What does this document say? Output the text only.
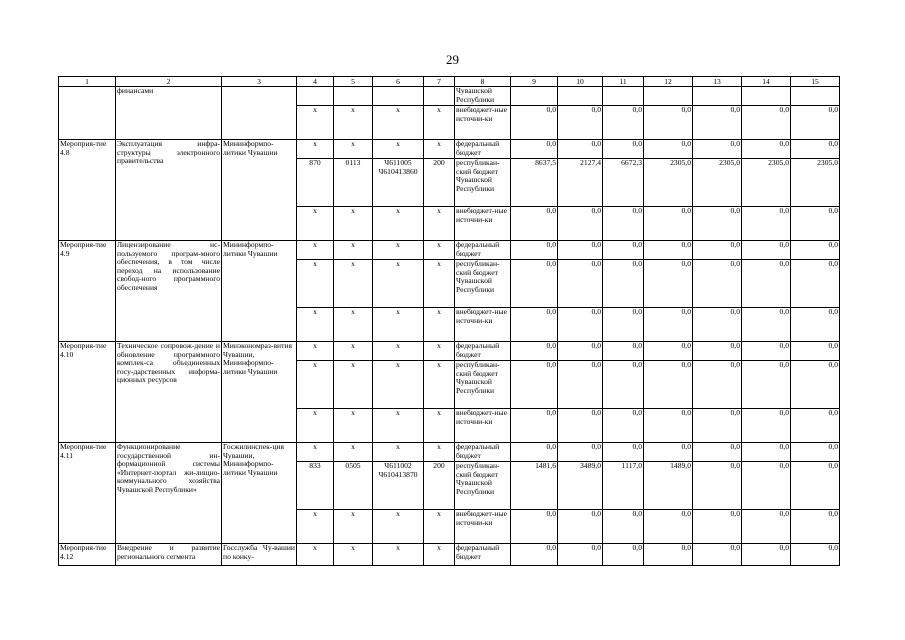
29
1	2	3	4	5	6	7	8	9	10	11	12	13	14	15
	финансами						Чувашской Республики							
			х	х	х	х	внебюджет-ные источни-ки	0,0	0,0	0,0	0,0	0,0	0,0	0,0
Мероприя-тие 4.8	Эксплуатация инфра-структуры электронного правительства	Мининформпо-литики Чувашии	х	х	х	х	федеральный бюджет	0,0	0,0	0,0	0,0	0,0	0,0	0,0
			870	0113	Ч611005 Ч610413860	200	республикан-ский бюджет Чувашской Республики	8637,5	2127,4	6672,3	2305,0	2305,0	2305,0	2305,0
			х	х	х	х	внебюджет-ные источни-ки	0,0	0,0	0,0	0,0	0,0	0,0	0,0
Мероприя-тие 4.9	Лицензирование ис-пользуемого програм-много обеспечения, в том числе переход на использование свобод-ного программного обеспечения	Мининформпо-литики Чувашии	х	х	х	х	федеральный бюджет	0,0	0,0	0,0	0,0	0,0	0,0	0,0
			х	х	х	х	республикан-ский бюджет Чувашской Республики	0,0	0,0	0,0	0,0	0,0	0,0	0,0
			х	х	х	х	внебюджет-ные источни-ки	0,0	0,0	0,0	0,0	0,0	0,0	0,0
Мероприя-тие 4.10	Техническое сопровож-дение и обновление программного комплек-са объединенных госу-дарственных информа-ционных ресурсов	Минэкономраз-вития Чувашии, Мининформпо-литики Чувашии	х	х	х	х	федеральный бюджет	0,0	0,0	0,0	0,0	0,0	0,0	0,0
			х	х	х	х	республикан-ский бюджет Чувашской Республики	0,0	0,0	0,0	0,0	0,0	0,0	0,0
			х	х	х	х	внебюджет-ные источни-ки	0,0	0,0	0,0	0,0	0,0	0,0	0,0
Мероприя-тие 4.11	Функционирование государственной ин-формационной системы «Интернет-портал жи-лищно-коммунального хозяйства Чувашской Республики»	Госжилинспек-ция Чувашии, Мининформпо-литики Чувашии	х	х	х	х	федеральный бюджет	0,0	0,0	0,0	0,0	0,0	0,0	0,0
			833	0505	Ч611002 Ч610413870	200	республикан-ский бюджет Чувашской Республики	1481,6	3489,0	1117,0	1489,0	0,0	0,0	0,0
			х	х	х	х	внебюджет-ные источни-ки	0,0	0,0	0,0	0,0	0,0	0,0	0,0
Мероприя-тие 4.12	Внедрение и развитие регионального сегмента	Госслужба Чу-вашии по конку-	х	х	х	х	федеральный бюджет	0,0	0,0	0,0	0,0	0,0	0,0	0,0
